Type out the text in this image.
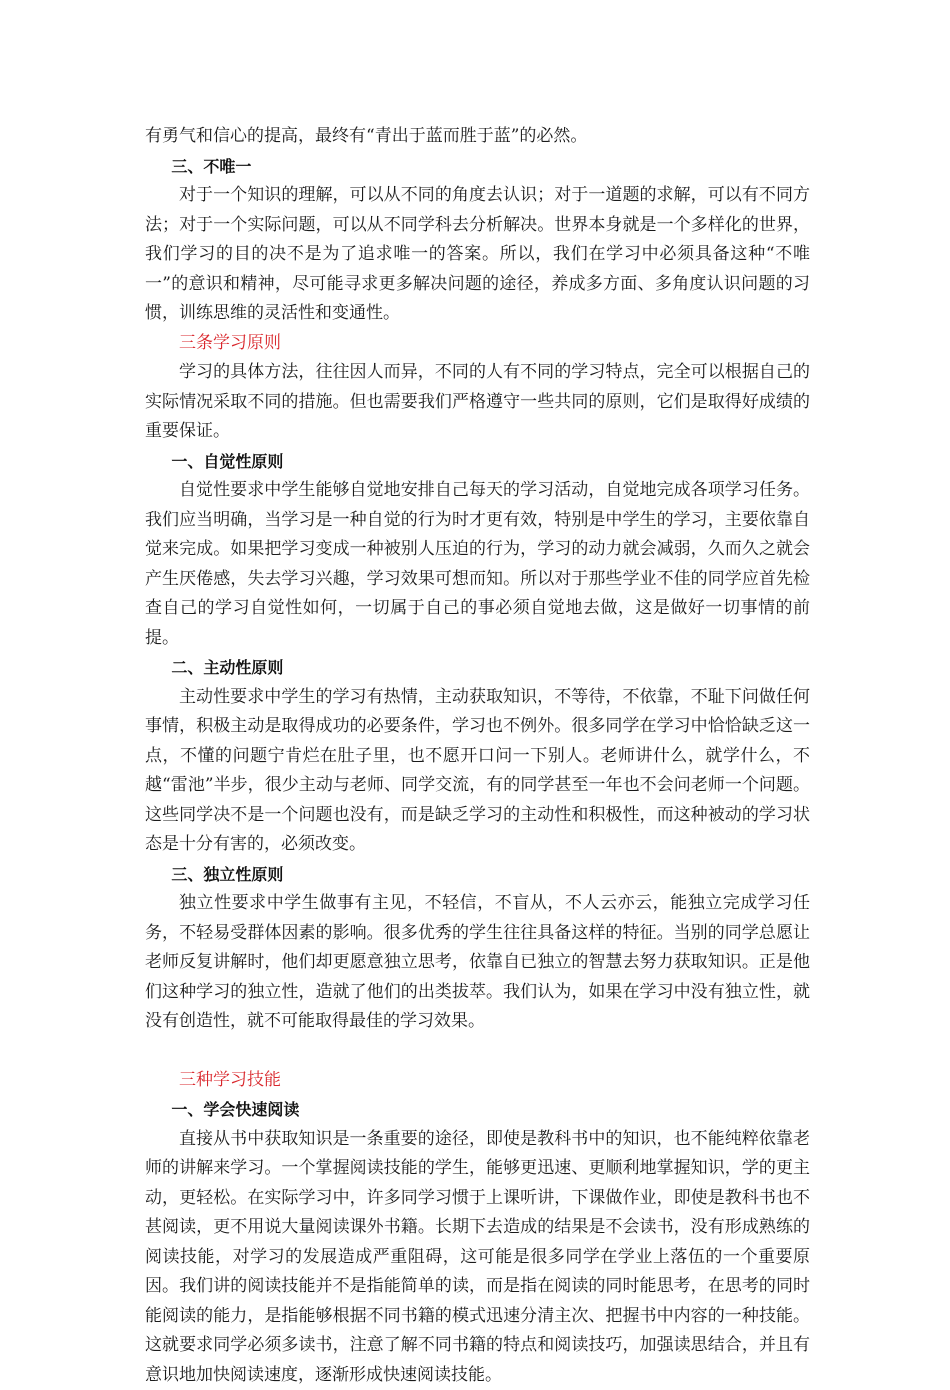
有勇气和信心的提高，最终有“青出于蓝而胜于蓝”的必然。

三、不唯一

对于一个知识的理解，可以从不同的角度去认识；对于一道题的求解，可以有不同方法；对于一个实际问题，可以从不同学科去分析解决。世界本身就是一个多样化的世界，我们学习的目的决不是为了追求唯一的答案。所以，我们在学习中必须具备这种“不唯一”的意识和精神，尽可能寻求更多解决问题的途径，养成多方面、多角度认识问题的习惯，训练思维的灵活性和变通性。

三条学习原则

学习的具体方法，往往因人而异，不同的人有不同的学习特点，完全可以根据自己的实际情况采取不同的措施。但也需要我们严格遵守一些共同的原则，它们是取得好成绩的重要保证。

一、自觉性原则

自觉性要求中学生能够自觉地安排自己每天的学习活动，自觉地完成各项学习任务。我们应当明确，当学习是一种自觉的行为时才更有效，特别是中学生的学习，主要依靠自觉来完成。如果把学习变成一种被别人压迫的行为，学习的动力就会减弱，久而久之就会产生厌倦感，失去学习兴趣，学习效果可想而知。所以对于那些学业不佳的同学应首先检查自己的学习自觉性如何，一切属于自己的事必须自觉地去做，这是做好一切事情的前提。

二、主动性原则

主动性要求中学生的学习有热情，主动获取知识，不等待，不依靠，不耻下问做任何事情，积极主动是取得成功的必要条件，学习也不例外。很多同学在学习中恰恰缺乏这一点，不懂的问题宁肯烂在肚子里，也不愿开口问一下别人。老师讲什么，就学什么，不越“雷池”半步，很少主动与老师、同学交流，有的同学甚至一年也不会问老师一个问题。这些同学决不是一个问题也没有，而是缺乏学习的主动性和积极性，而这种被动的学习状态是十分有害的，必须改变。

三、独立性原则

独立性要求中学生做事有主见，不轻信，不盲从，不人云亦云，能独立完成学习任务，不轻易受群体因素的影响。很多优秀的学生往往具备这样的特征。当别的同学总愿让老师反复讲解时，他们却更愿意独立思考，依靠自已独立的智慧去努力获取知识。正是他们这种学习的独立性，造就了他们的出类拔萃。我们认为，如果在学习中没有独立性，就没有创造性，就不可能取得最佳的学习效果。

三种学习技能

一、学会快速阅读

直接从书中获取知识是一条重要的途径，即使是教科书中的知识，也不能纯粹依靠老师的讲解来学习。一个掌握阅读技能的学生，能够更迅速、更顺利地掌握知识，学的更主动，更轻松。在实际学习中，许多同学习惯于上课听讲，下课做作业，即使是教科书也不甚阅读，更不用说大量阅读课外书籍。长期下去造成的结果是不会读书，没有形成熟练的阅读技能，对学习的发展造成严重阻碍，这可能是很多同学在学业上落伍的一个重要原因。我们讲的阅读技能并不是指能简单的读，而是指在阅读的同时能思考，在思考的同时能阅读的能力，是指能够根据不同书籍的模式迅速分清主次、把握书中内容的一种技能。这就要求同学必须多读书，注意了解不同书籍的特点和阅读技巧，加强读思结合，并且有意识地加快阅读速度，逐渐形成快速阅读技能。
